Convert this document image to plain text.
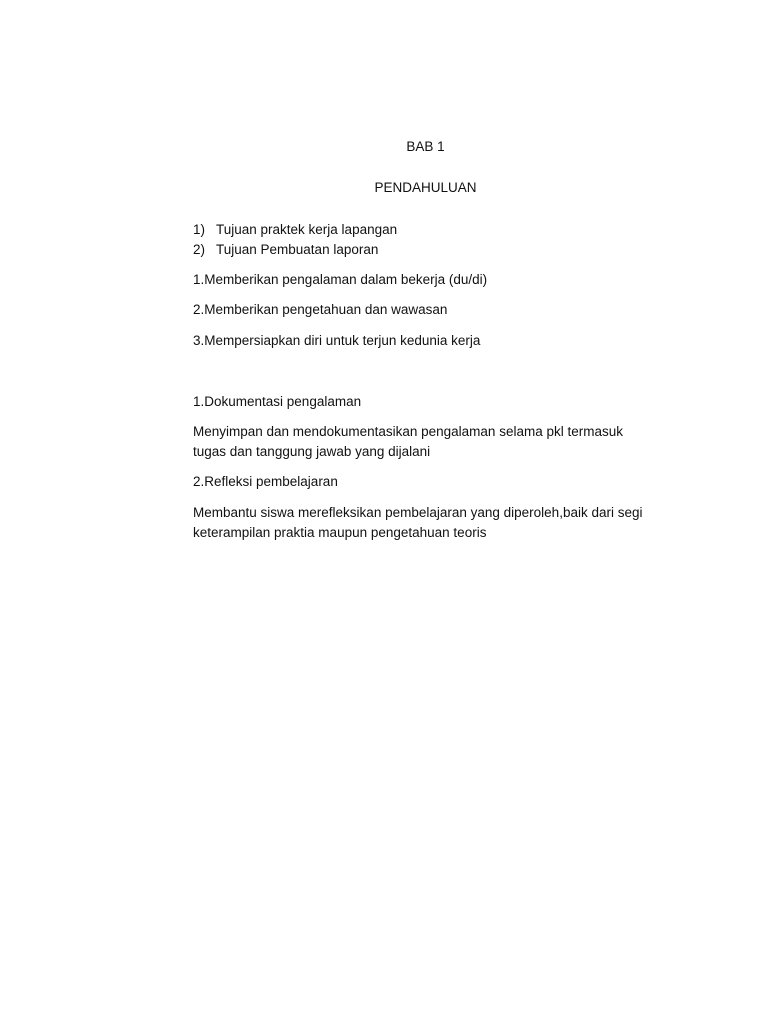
BAB 1
PENDAHULUAN
1) Tujuan praktek kerja lapangan
2) Tujuan Pembuatan laporan

1.Memberikan pengalaman dalam bekerja (du/di)

2.Memberikan pengetahuan dan wawasan

3.Mempersiapkan diri untuk terjun kedunia kerja

1.Dokumentasi pengalaman

Menyimpan dan mendokumentasikan pengalaman selama pkl termasuk tugas dan tanggung jawab yang dijalani

2.Refleksi pembelajaran

Membantu siswa merefleksikan pembelajaran yang diperoleh,baik dari segi keterampilan praktia maupun pengetahuan teoris
